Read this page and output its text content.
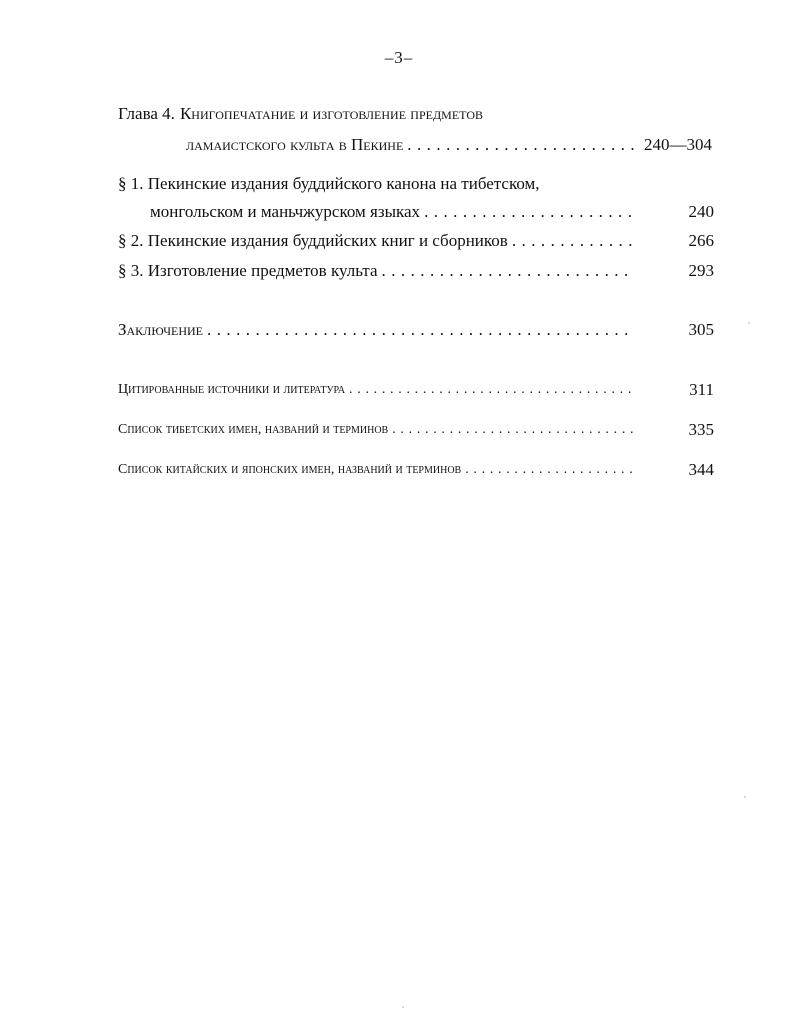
–3–
Глава 4. Книгопечатание и изготовление предметов
ламаистского культа в Пекине . . .	240—304
§ 1. Пекинские издания буддийского канона на тибетском,
монгольском и маньчжурском языках . . .	240
§ 2. Пекинские издания буддийских книг и сборников . . .	266
§ 3. Изготовление предметов культа . . .	293
Заключение . . .	305
Цитированные источники и литература . . .	311
Список тибетских имен, названий и терминов . . .	335
Список китайских и японских имен, названий и терминов . . .	344
